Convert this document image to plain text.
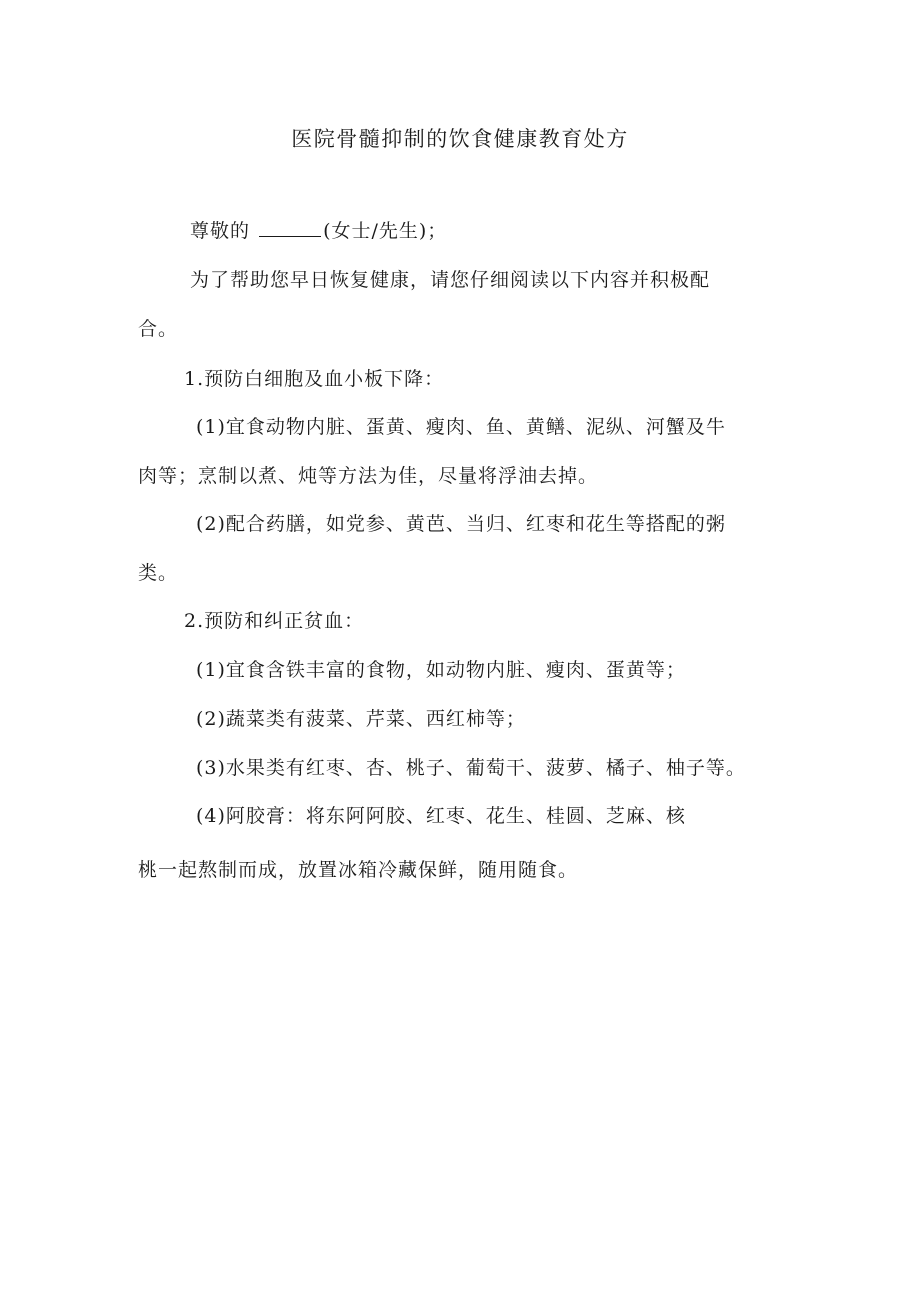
医院骨髓抑制的饮食健康教育处方
尊敬的	(女士/先生)；
为了帮助您早日恢复健康，请您仔细阅读以下内容并积极配
合。
1.预防白细胞及血小板下降：
(1)宜食动物内脏、蛋黄、瘦肉、鱼、黄鳝、泥纵、河蟹及牛
肉等；烹制以煮、炖等方法为佳，尽量将浮油去掉。
(2)配合药膳，如党参、黄芭、当归、红枣和花生等搭配的粥
类。
2.预防和纠正贫血：
(1)宜食含铁丰富的食物，如动物内脏、瘦肉、蛋黄等；
(2)蔬菜类有菠菜、芹菜、西红柿等；
(3)水果类有红枣、杏、桃子、葡萄干、菠萝、橘子、柚子等。
(4)阿胶膏：将东阿阿胶、红枣、花生、桂圆、芝麻、核
桃一起熬制而成，放置冰箱冷藏保鲜，随用随食。
